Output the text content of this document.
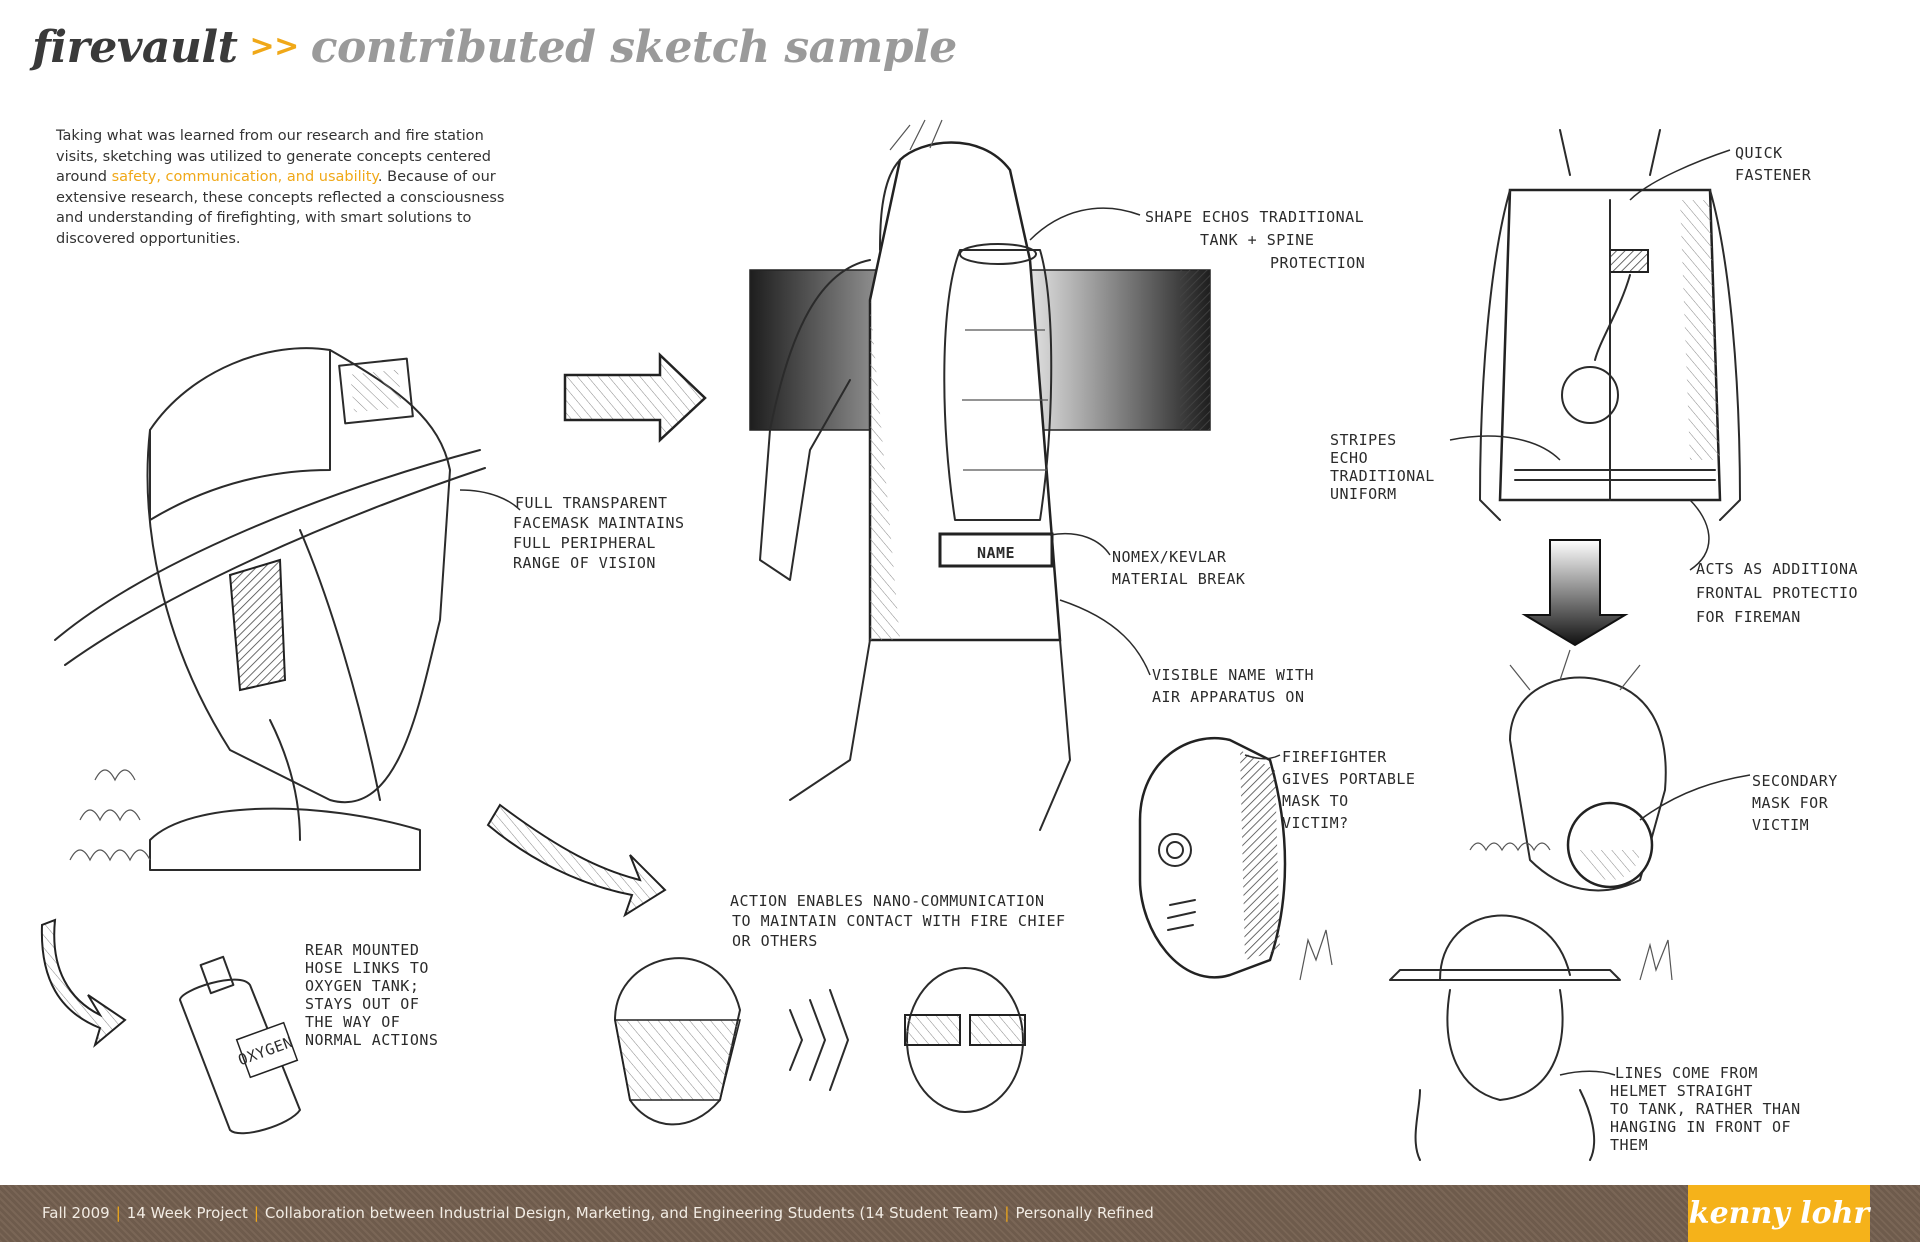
firevault >> contributed sketch sample

Taking what was learned from our research and fire station visits, sketching was utilized to generate concepts centered around safety, communication, and usability. Because of our extensive research, these concepts reflected a consciousness and understanding of firefighting, with smart solutions to discovered opportunities.

NAME
OXYGEN
FULL TRANSPARENT
FACEMASK MAINTAINS
FULL PERIPHERAL
RANGE OF VISION
SHAPE ECHOS TRADITIONAL
TANK + SPINE
PROTECTION
NOMEX/KEVLAR
MATERIAL BREAK
VISIBLE NAME WITH
AIR APPARATUS ON
QUICK
FASTENER
STRIPES
ECHO
TRADITIONAL
UNIFORM
ACTS AS ADDITIONA
FRONTAL PROTECTIO
FOR FIREMAN
REAR MOUNTED
HOSE LINKS TO
OXYGEN TANK;
STAYS OUT OF
THE WAY OF
NORMAL ACTIONS
ACTION ENABLES NANO-COMMUNICATION
TO MAINTAIN CONTACT WITH FIRE CHIEF
OR OTHERS
FIREFIGHTER
GIVES PORTABLE
MASK TO
VICTIM?
SECONDARY
MASK FOR
VICTIM
LINES COME FROM
HELMET STRAIGHT
TO TANK, RATHER THAN
HANGING IN FRONT OF
THEM
Fall 2009 | 14 Week Project | Collaboration between Industrial Design, Marketing, and Engineering Students (14 Student Team) | Personally Refined	kenny lohr
